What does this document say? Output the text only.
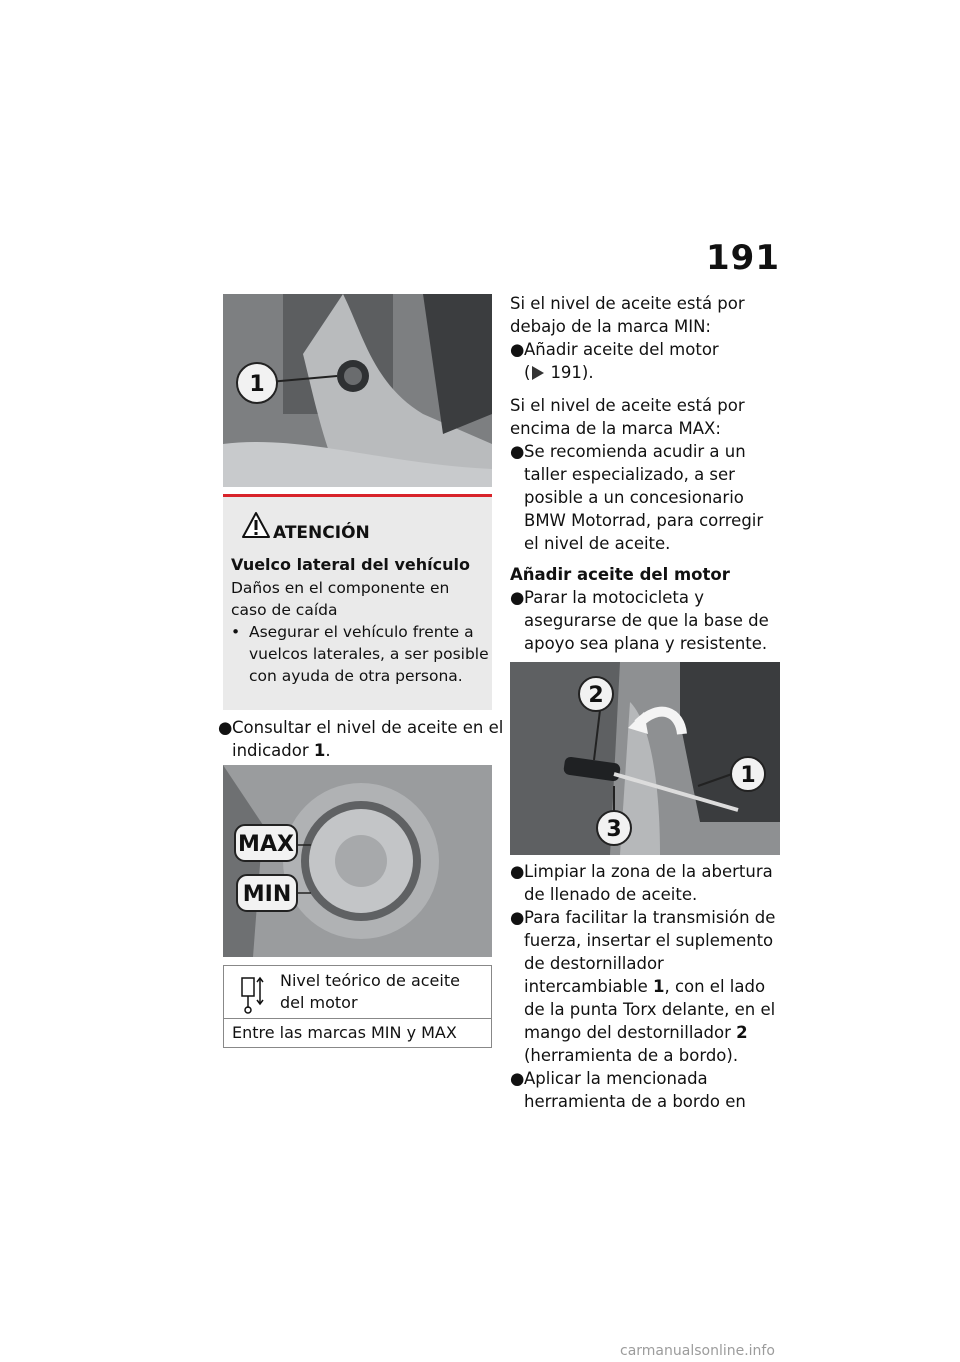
191
1
ATENCIÓN
Vuelco lateral del vehículo
Daños en el componente en caso de caída
• Asegurar el vehículo frente a vuelcos laterales, a ser posible con ayuda de otra persona.
● Consultar el nivel de aceite en el indicador 1.
MAX
MIN
Nivel teórico de aceite del motor
Entre las marcas MIN y MAX
Si el nivel de aceite está por debajo de la marca MIN:
● Añadir aceite del motor
( 191).
Si el nivel de aceite está por encima de la marca MAX:
● Se recomienda acudir a un taller especializado, a ser posible a un concesionario BMW Motorrad, para corregir el nivel de aceite.
Añadir aceite del motor
● Parar la motocicleta y asegurarse de que la base de apoyo sea plana y resistente.
2
1
3
● Limpiar la zona de la abertura de llenado de aceite.
● Para facilitar la transmisión de fuerza, insertar el suplemento de destornillador intercambiable 1, con el lado de la punta Torx delante, en el mango del destornillador 2 (herramienta de a bordo).
● Aplicar la mencionada herramienta de a bordo en
carmanualsonline.info
